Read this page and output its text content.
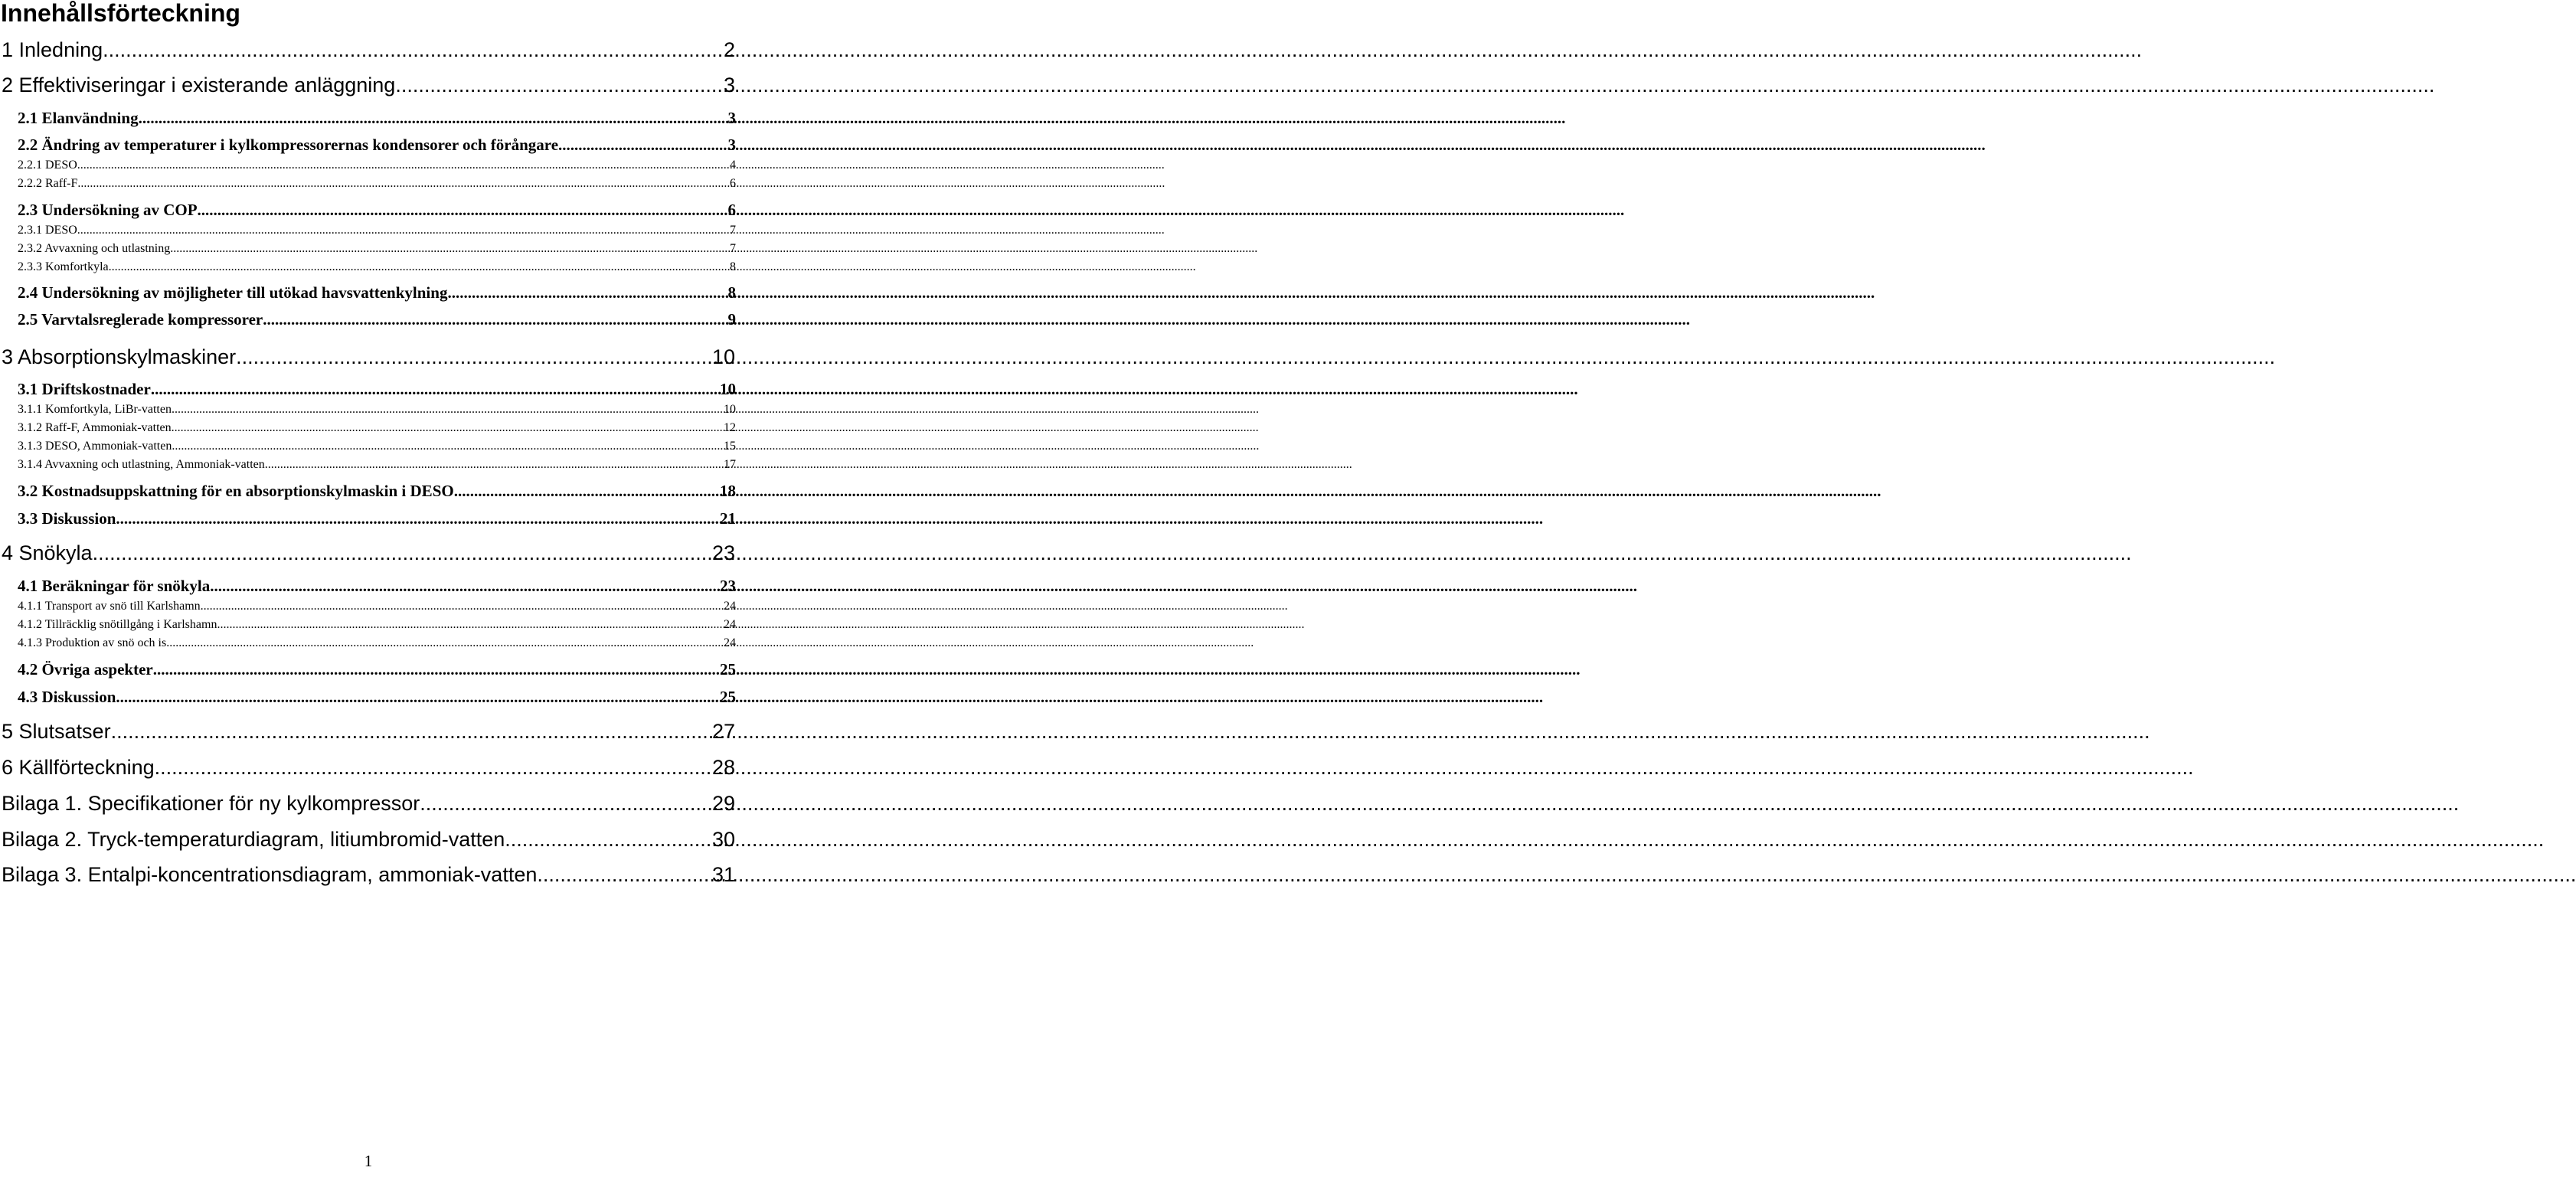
Innehållsförteckning
1 Inledning .....	2
2 Effektiviseringar i existerande anläggning .....	3
2.1 Elanvändning .....	3
2.2 Ändring av temperaturer i kylkompressorernas kondensorer och förångare .....	3
2.2.1 DESO .....	4
2.2.2 Raff-F .....	6
2.3 Undersökning av COP .....	6
2.3.1 DESO .....	7
2.3.2 Avvaxning och utlastning .....	7
2.3.3 Komfortkyla .....	8
2.4 Undersökning av möjligheter till utökad havsvattenkylning .....	8
2.5 Varvtalsreglerade kompressorer .....	9
3 Absorptionskylmaskiner .....	10
3.1 Driftskostnader .....	10
3.1.1 Komfortkyla, LiBr-vatten .....	10
3.1.2 Raff-F, Ammoniak-vatten .....	12
3.1.3 DESO, Ammoniak-vatten .....	15
3.1.4 Avvaxning och utlastning, Ammoniak-vatten .....	17
3.2 Kostnadsuppskattning för en absorptionskylmaskin i DESO .....	18
3.3 Diskussion .....	21
4 Snökyla .....	23
4.1 Beräkningar för snökyla .....	23
4.1.1 Transport av snö till Karlshamn .....	24
4.1.2 Tillräcklig snötillgång i Karlshamn .....	24
4.1.3 Produktion av snö och is .....	24
4.2 Övriga aspekter .....	25
4.3 Diskussion .....	25
5 Slutsatser .....	27
6 Källförteckning .....	28
Bilaga 1. Specifikationer för ny kylkompressor .....	29
Bilaga 2. Tryck-temperaturdiagram, litiumbromid-vatten .....	30
Bilaga 3. Entalpi-koncentrationsdiagram, ammoniak-vatten .....	31
1
